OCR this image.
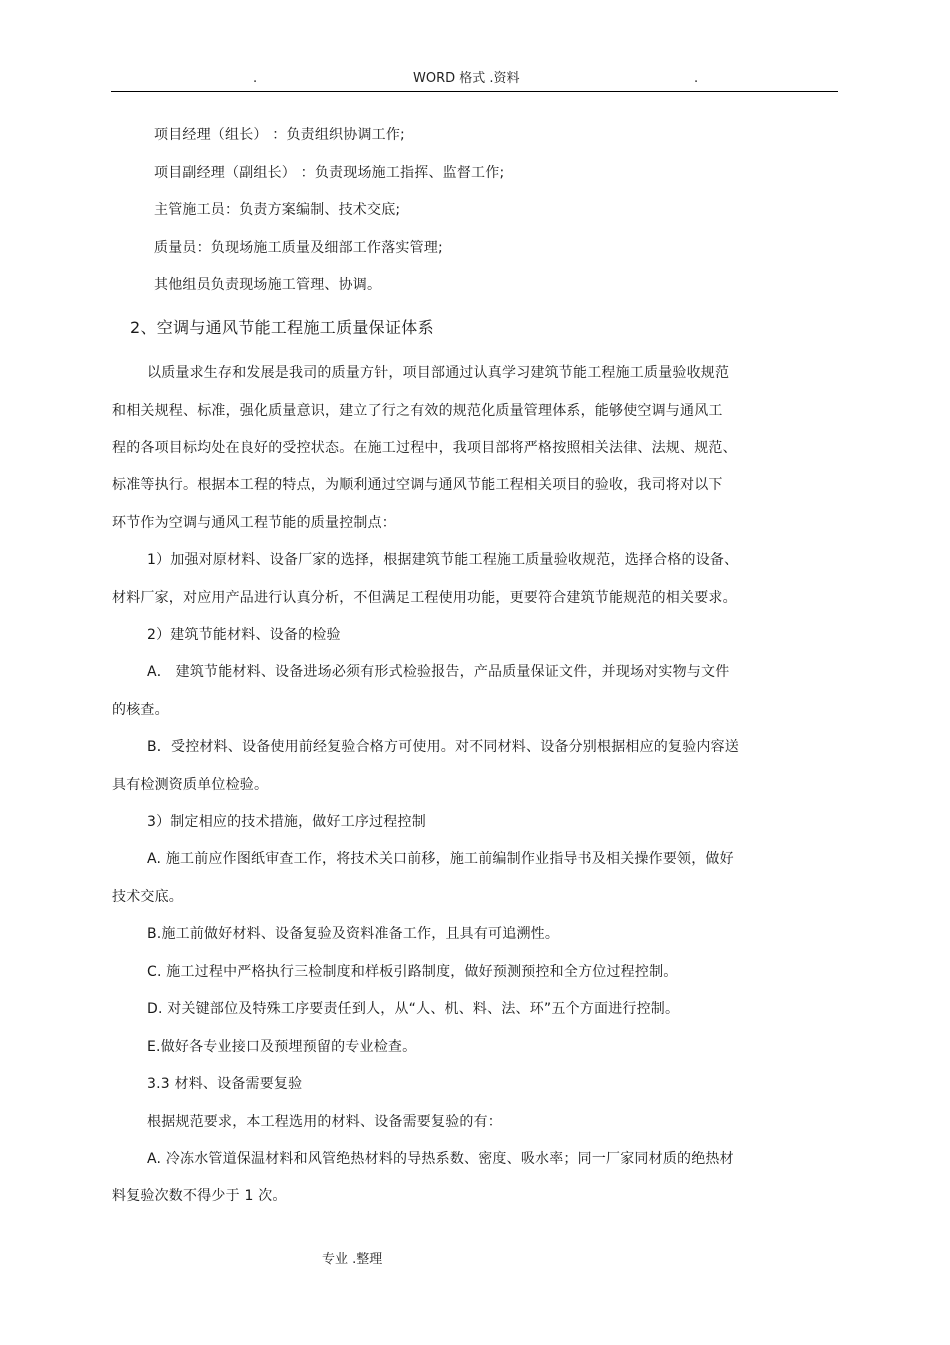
.	WORD 格式 .资料	.
项目经理（组长） ：负责组织协调工作;
项目副经理（副组长） ：负责现场施工指挥、监督工作;
主管施工员：负责方案编制、技术交底;
质量员：负现场施工质量及细部工作落实管理;
其他组员负责现场施工管理、协调。
2、空调与通风节能工程施工质量保证体系
以质量求生存和发展是我司的质量方针，项目部通过认真学习建筑节能工程施工质量验收规范
和相关规程、标准，强化质量意识，建立了行之有效的规范化质量管理体系，能够使空调与通风工
程的各项目标均处在良好的受控状态。在施工过程中，我项目部将严格按照相关法律、法规、规范、
标准等执行。根据本工程的特点，为顺利通过空调与通风节能工程相关项目的验收，我司将对以下
环节作为空调与通风工程节能的质量控制点：
1）加强对原材料、设备厂家的选择，根据建筑节能工程施工质量验收规范，选择合格的设备、
材料厂家，对应用产品进行认真分析，不但满足工程使用功能，更要符合建筑节能规范的相关要求。
2）建筑节能材料、设备的检验
A． 建筑节能材料、设备进场必须有形式检验报告，产品质量保证文件，并现场对实物与文件
的核查。
B．受控材料、设备使用前经复验合格方可使用。对不同材料、设备分别根据相应的复验内容送
具有检测资质单位检验。
3）制定相应的技术措施，做好工序过程控制
A. 施工前应作图纸审查工作，将技术关口前移，施工前编制作业指导书及相关操作要领，做好
技术交底。
B.施工前做好材料、设备复验及资料准备工作，且具有可追溯性。
C. 施工过程中严格执行三检制度和样板引路制度，做好预测预控和全方位过程控制。
D. 对关键部位及特殊工序要责任到人，从“人、机、料、法、环”五个方面进行控制。
E.做好各专业接口及预埋预留的专业检查。
3.3 材料、设备需要复验
根据规范要求，本工程选用的材料、设备需要复验的有：
A. 冷冻水管道保温材料和风管绝热材料的导热系数、密度、吸水率；同一厂家同材质的绝热材
料复验次数不得少于 1 次。
专业 .整理
